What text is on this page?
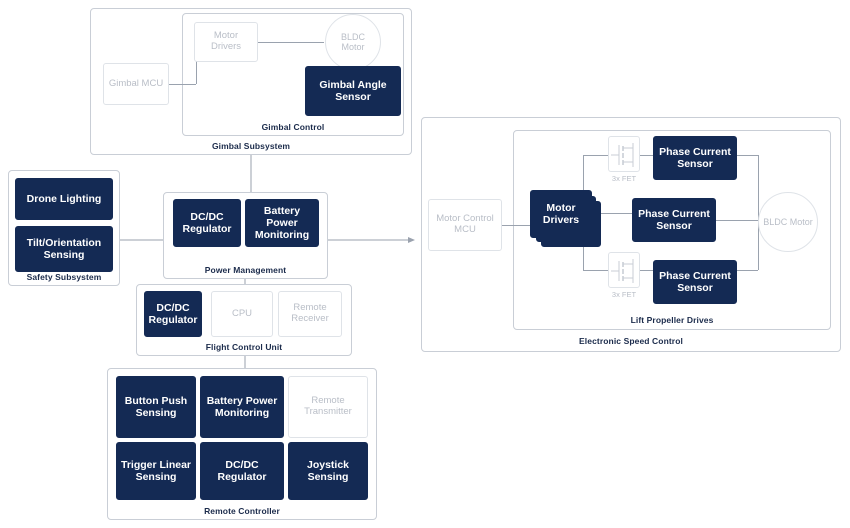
Gimbal Subsystem
Gimbal Control
Gimbal MCU
Motor Drivers
BLDC Motor
Gimbal Angle Sensor
Safety Subsystem
Drone Lighting
Tilt/Orientation Sensing
Power Management
DC/DC Regulator
Battery Power Monitoring
Flight Control Unit
DC/DC Regulator
CPU	Remote Receiver
Remote Controller
Button Push Sensing
Battery Power Monitoring
Remote Transmitter
Trigger Linear Sensing
DC/DC Regulator
Joystick Sensing
Electronic Speed Control
Lift Propeller Drives
Motor Control MCU
Motor Drivers
3x FET
3x FET
Phase Current Sensor
Phase Current Sensor
Phase Current Sensor
BLDC Motor
